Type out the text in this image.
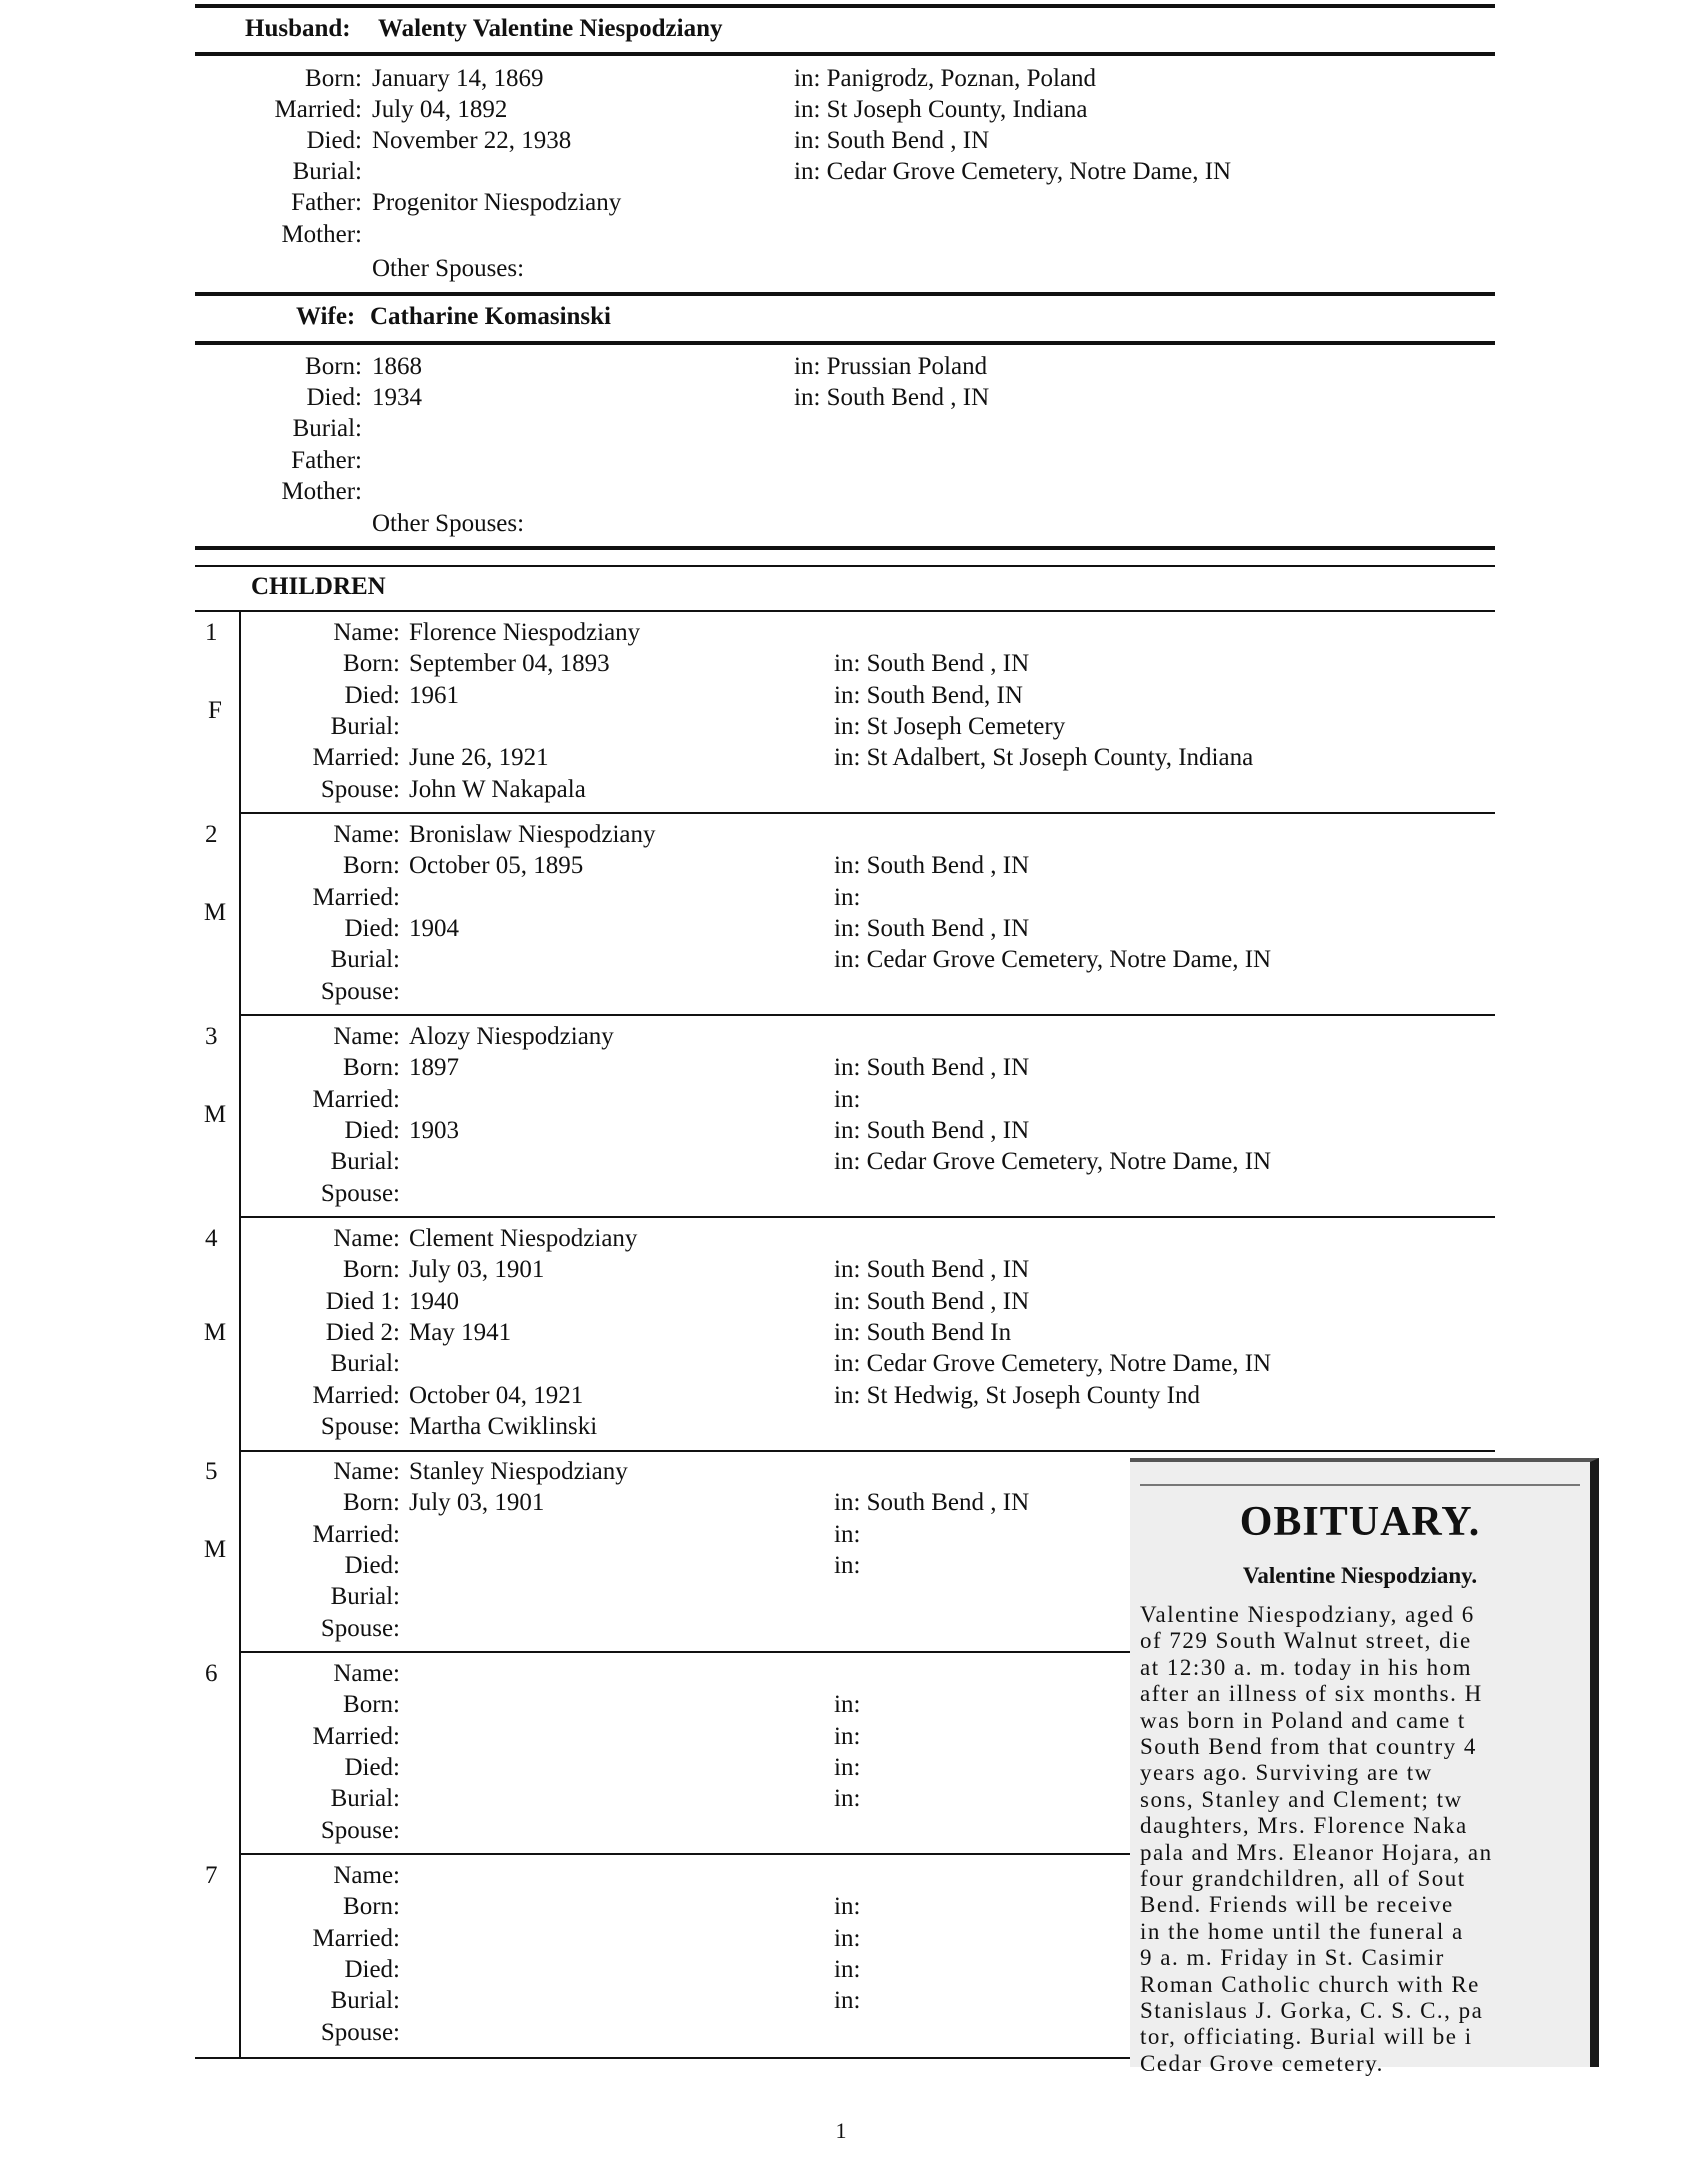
Husband: Walenty Valentine Niespodziany
Born: January 14, 1869	in: Panigrodz, Poznan, Poland
Married: July 04, 1892	in: St Joseph County, Indiana
Died: November 22, 1938	in: South Bend , IN
Burial:	in: Cedar Grove Cemetery, Notre Dame, IN
Father: Progenitor Niespodziany
Mother:
Other Spouses:
Wife: Catharine Komasinski
Born: 1868	in: Prussian Poland
Died: 1934	in: South Bend , IN
Burial:
Father:
Mother:
Other Spouses:
CHILDREN
1
F
Name: Florence Niespodziany
Born: September 04, 1893	in: South Bend , IN
Died: 1961	in: South Bend, IN
Burial:	in: St Joseph Cemetery
Married: June 26, 1921	in: St Adalbert, St Joseph County, Indiana
Spouse: John W Nakapala
2
M
Name: Bronislaw Niespodziany
Born: October 05, 1895	in: South Bend , IN
Married:	in:
Died: 1904	in: South Bend , IN
Burial:	in: Cedar Grove Cemetery, Notre Dame, IN
Spouse:
3
M
Name: Alozy Niespodziany
Born: 1897	in: South Bend , IN
Married:	in:
Died: 1903	in: South Bend , IN
Burial:	in: Cedar Grove Cemetery, Notre Dame, IN
Spouse:
4
M
Name: Clement Niespodziany
Born: July 03, 1901	in: South Bend , IN
Died 1: 1940	in: South Bend , IN
Died 2: May 1941	in: South Bend In
Burial:	in: Cedar Grove Cemetery, Notre Dame, IN
Married: October 04, 1921	in: St Hedwig, St Joseph County Ind
Spouse: Martha Cwiklinski
5
M
Name: Stanley Niespodziany
Born: July 03, 1901	in: South Bend , IN
Married:	in:
Died:	in:
Burial:
Spouse:
6	Name:
Born:	in:
Married:	in:
Died:	in:
Burial:	in:
Spouse:
7	Name:
Born:	in:
Married:	in:
Died:	in:
Burial:	in:
Spouse:
OBITUARY.
Valentine Niespodziany.
Valentine Niespodziany, aged 6
of 729 South Walnut street, die
at 12:30 a. m. today in his hom
after an illness of six months. H
was born in Poland and came t
South Bend from that country 4
years ago. Surviving are tw
sons, Stanley and Clement; tw
daughters, Mrs. Florence Naka
pala and Mrs. Eleanor Hojara, an
four grandchildren, all of Sout
Bend. Friends will be receive
in the home until the funeral a
9 a. m. Friday in St. Casimir
Roman Catholic church with Re
Stanislaus J. Gorka, C. S. C., pa
tor, officiating. Burial will be i
Cedar Grove cemetery.
1
